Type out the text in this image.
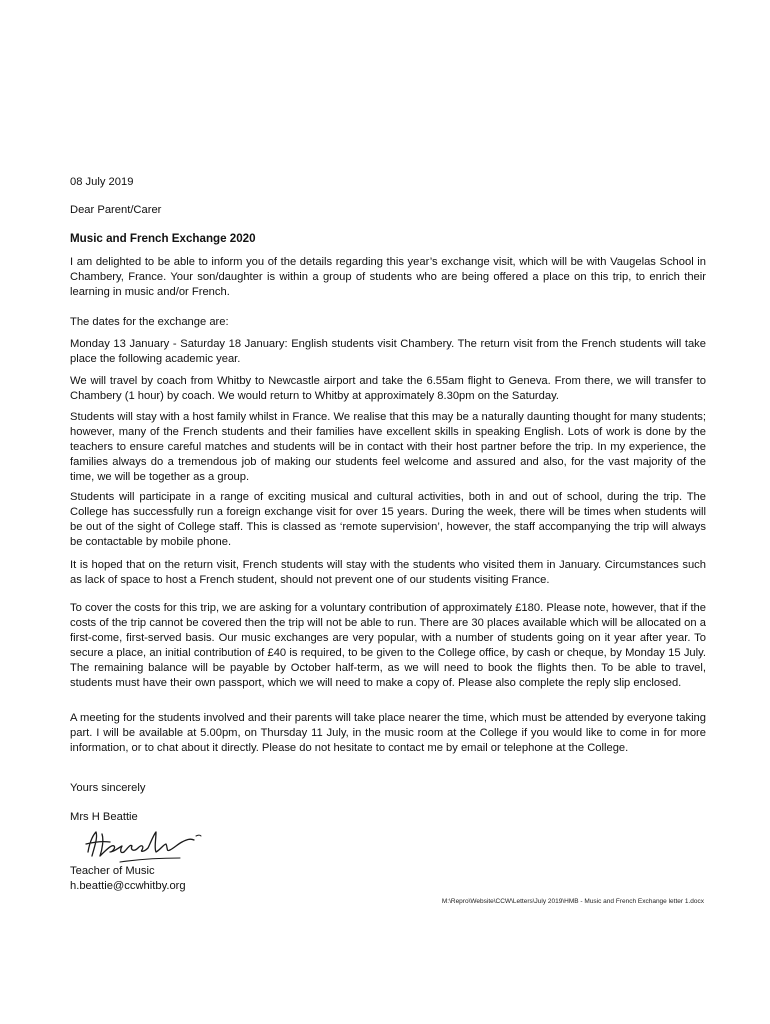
08 July 2019

Dear Parent/Carer

Music and French Exchange 2020

I am delighted to be able to inform you of the details regarding this year’s exchange visit, which will be with Vaugelas School in Chambery, France. Your son/daughter is within a group of students who are being offered a place on this trip, to enrich their learning in music and/or French.

The dates for the exchange are:

Monday 13 January - Saturday 18 January: English students visit Chambery. The return visit from the French students will take place the following academic year.

We will travel by coach from Whitby to Newcastle airport and take the 6.55am flight to Geneva. From there, we will transfer to Chambery (1 hour) by coach. We would return to Whitby at approximately 8.30pm on the Saturday.

Students will stay with a host family whilst in France. We realise that this may be a naturally daunting thought for many students; however, many of the French students and their families have excellent skills in speaking English. Lots of work is done by the teachers to ensure careful matches and students will be in contact with their host partner before the trip. In my experience, the families always do a tremendous job of making our students feel welcome and assured and also, for the vast majority of the time, we will be together as a group.

Students will participate in a range of exciting musical and cultural activities, both in and out of school, during the trip. The College has successfully run a foreign exchange visit for over 15 years. During the week, there will be times when students will be out of the sight of College staff. This is classed as ‘remote supervision’, however, the staff accompanying the trip will always be contactable by mobile phone.

It is hoped that on the return visit, French students will stay with the students who visited them in January. Circumstances such as lack of space to host a French student, should not prevent one of our students visiting France.

To cover the costs for this trip, we are asking for a voluntary contribution of approximately £180. Please note, however, that if the costs of the trip cannot be covered then the trip will not be able to run. There are 30 places available which will be allocated on a first-come, first-served basis. Our music exchanges are very popular, with a number of students going on it year after year. To secure a place, an initial contribution of £40 is required, to be given to the College office, by cash or cheque, by Monday 15 July. The remaining balance will be payable by October half-term, as we will need to book the flights then. To be able to travel, students must have their own passport, which we will need to make a copy of. Please also complete the reply slip enclosed.

A meeting for the students involved and their parents will take place nearer the time, which must be attended by everyone taking part. I will be available at 5.00pm, on Thursday 11 July, in the music room at the College if you would like to come in for more information, or to chat about it directly. Please do not hesitate to contact me by email or telephone at the College.

Yours sincerely

Mrs H Beattie

Teacher of Music

h.beattie@ccwhitby.org

M:\Repro\Website\CCW\Letters\July 2019\HMB - Music and French Exchange letter 1.docx
